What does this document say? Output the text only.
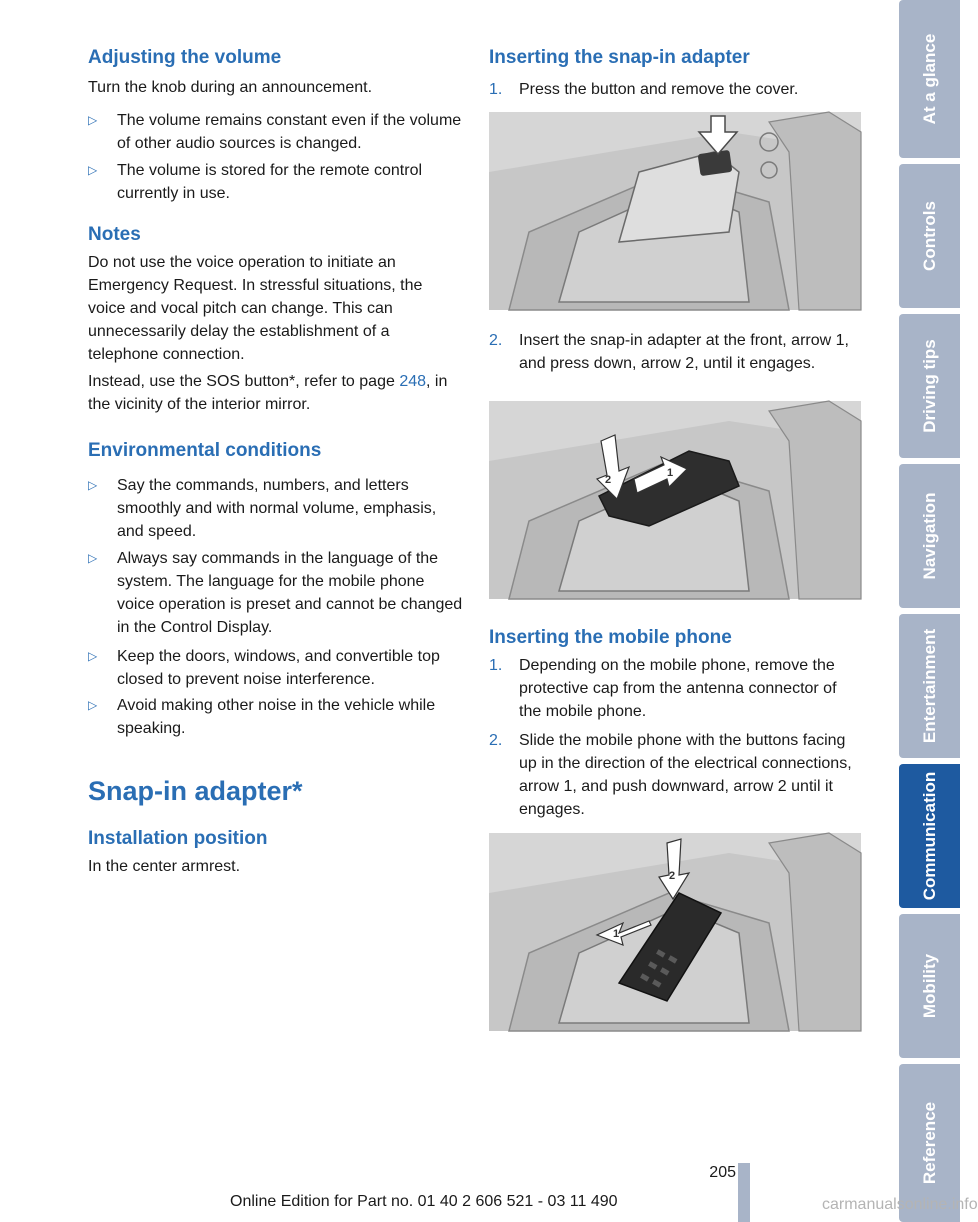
Adjusting the volume

Turn the knob during an announcement.

▷ The volume remains constant even if the volume of other audio sources is changed.
▷ The volume is stored for the remote control currently in use.
Notes

Do not use the voice operation to initiate an Emergency Request. In stressful situations, the voice and vocal pitch can change. This can unnecessarily delay the establishment of a telephone connection.

Instead, use the SOS button*, refer to page 248, in the vicinity of the interior mirror.

Environmental conditions
▷ Say the commands, numbers, and letters smoothly and with normal volume, emphasis, and speed.
▷ Always say commands in the language of the system. The language for the mobile phone voice operation is preset and cannot be changed in the Control Display.
▷ Keep the doors, windows, and convertible top closed to prevent noise interference.
▷ Avoid making other noise in the vehicle while speaking.
Snap-in adapter*
Installation position

In the center armrest.

Inserting the snap-in adapter
1. Press the button and remove the cover.
2. Insert the snap-in adapter at the front, arrow 1, and press down, arrow 2, until it engages.
1
2
Inserting the mobile phone
1. Depending on the mobile phone, remove the protective cap from the antenna connector of the mobile phone.
2. Slide the mobile phone with the buttons facing up in the direction of the electrical connections, arrow 1, and push downward, arrow 2 until it engages.
1
2
At a glance
Controls
Driving tips
Navigation
Entertainment
Communication
Mobility
Reference
205
Online Edition for Part no. 01 40 2 606 521 - 03 11 490	carmanualsonline.info
